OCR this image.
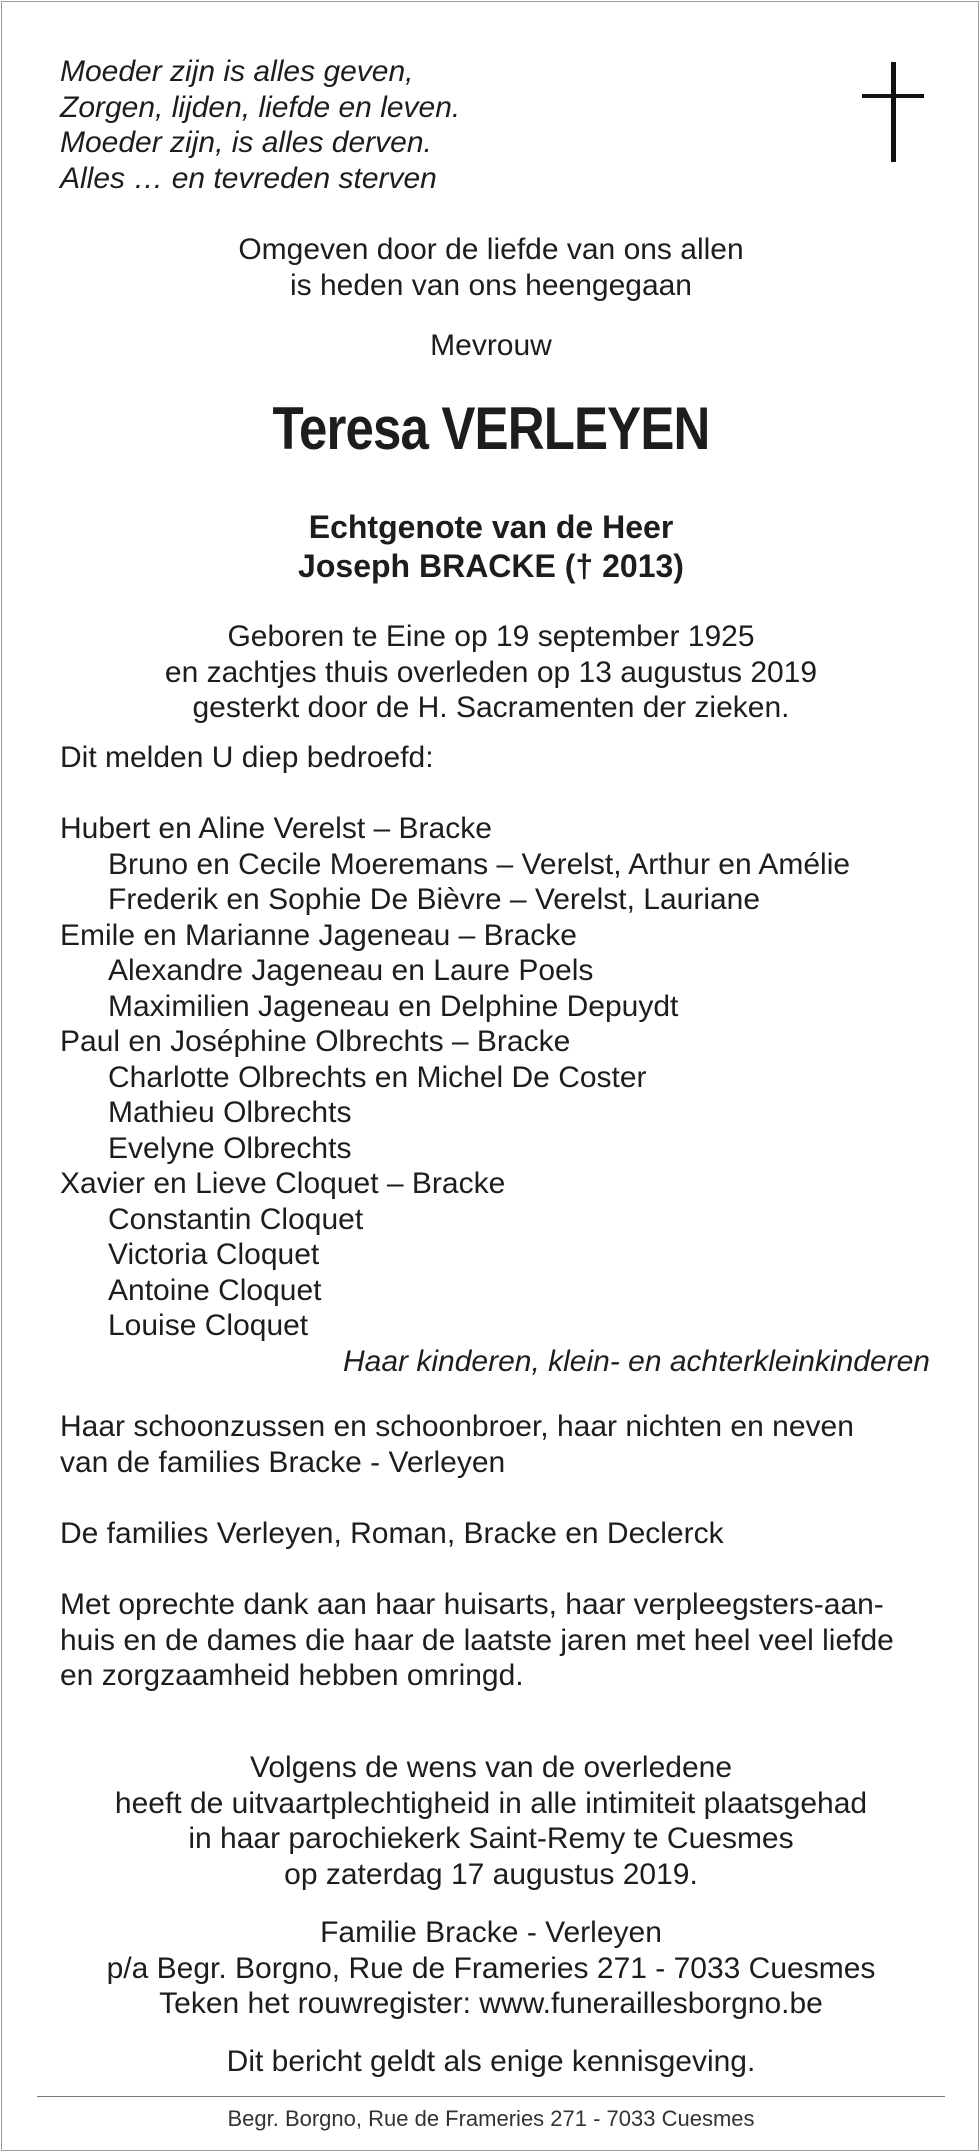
Moeder zijn is alles geven,
Zorgen, lijden, liefde en leven.
Moeder zijn, is alles derven.
Alles … en tevreden sterven
Omgeven door de liefde van ons allen
is heden van ons heengegaan
Mevrouw
Teresa VERLEYEN
Echtgenote van de Heer
Joseph BRACKE († 2013)
Geboren te Eine op 19 september 1925
en zachtjes thuis overleden op 13 augustus 2019
gesterkt door de H. Sacramenten der zieken.
Dit melden U diep bedroefd:
Hubert en Aline Verelst – Bracke
Bruno en Cecile Moeremans – Verelst, Arthur en Amélie
Frederik en Sophie De Bièvre – Verelst, Lauriane
Emile en Marianne Jageneau – Bracke
Alexandre Jageneau en Laure Poels
Maximilien Jageneau en Delphine Depuydt
Paul en Joséphine Olbrechts – Bracke
Charlotte Olbrechts en Michel De Coster
Mathieu Olbrechts
Evelyne Olbrechts
Xavier en Lieve Cloquet – Bracke
Constantin Cloquet
Victoria Cloquet
Antoine Cloquet
Louise Cloquet
Haar kinderen, klein- en achterkleinkinderen
Haar schoonzussen en schoonbroer, haar nichten en neven
van de families Bracke - Verleyen
De families Verleyen, Roman, Bracke en Declerck
Met oprechte dank aan haar huisarts, haar verpleegsters-aan-
huis en de dames die haar de laatste jaren met heel veel liefde
en zorgzaamheid hebben omringd.
Volgens de wens van de overledene
heeft de uitvaartplechtigheid in alle intimiteit plaatsgehad
in haar parochiekerk Saint-Remy te Cuesmes
op zaterdag 17 augustus 2019.
Familie Bracke - Verleyen
p/a Begr. Borgno, Rue de Frameries 271 - 7033 Cuesmes
Teken het rouwregister: www.funeraillesborgno.be
Dit bericht geldt als enige kennisgeving.
Begr. Borgno, Rue de Frameries 271 - 7033 Cuesmes
